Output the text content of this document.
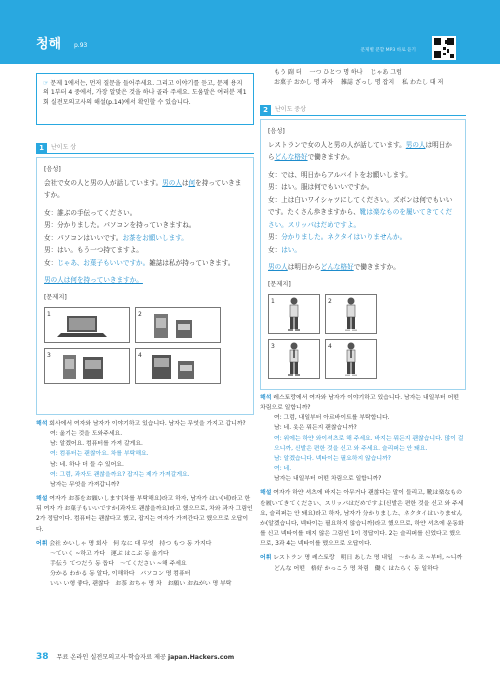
청해 p.93
문제별 분할 MP3 바로 듣기
☞ 문제 1에서는, 먼저 질문을 들어주세요. 그리고 이야기를 듣고, 문제 용지의 1부터 4 중에서, 가장 알맞은 것을 하나 골라 주세요. 도움말은 여러분 제1회 실전모의고사의 해설(p.14)에서 확인할 수 있습니다.
もう 副 더 　一つ ひとつ 명 하나 　じゃあ 그럼
お菓子 おかし 명 과자 　雑誌 ざっし 명 잡지 　私 わたし 대 저
1	난이도 상
[음성]

会社で女の人と男の人が話しています。男の人は何を持っていきますか。

女：誰ぶの手伝ってください。

男：分かりました。パソコンを持っていきますね。

女：パソコンはいいです。お茶をお願いします。

男：はい。もう一つ持てますよ。

女：じゃあ、お菓子もいいですか。雑誌は私が持っていきます。

男の人は何を持っていきますか。

[문제지]
1	2
3	4
해석 회사에서 여자와 남자가 이야기하고 있습니다. 남자는 무엇을 가지고 갑니까?
여: 옮기는 것을 도와주세요.
남: 알겠어요. 컴퓨터를 가져 갈게요.
여: 컴퓨터는 괜찮아요. 차를 부탁해요.
남: 네. 하나 더 들 수 있어요.
여: 그럼, 과자도 괜찮을까요? 잡지는 제가 가져갈게요.
남자는 무엇을 가져갑니까?
해설 여자가 お茶をお願いします(차를 부탁해요)라고 하자, 남자가 はい(네)라고 한 뒤 여자 가 お菓子もいいですか(과자도 괜찮을까요)라고 했으므로, 차와 과자 그림인 2가 정답이다. 컴퓨터는 괜찮다고 했고, 잡지는 여자가 가져간다고 했으므로 오답이다.
어휘 会社 かいしゃ 명 회사　何 なに 대 무엇　持つ もつ 동 가지다
～ていく ~하고 가다　運ぶ はこぶ 동 옮기다
手伝う てつだう 동 돕다　～てください ~해 주세요
分かる わかる 동 알다, 이해하다　パソコン 명 컴퓨터
いい い형 좋다, 괜찮다　お茶 おちゃ 명 차　お願い おねがい 명 부탁
2	난이도 중상
[음성]

レストランで女の人と男の人が話しています。男の人は明日からどんな格好で働きますか。

女：では、明日からアルバイトをお願いします。

男：はい。服は何でもいいですか。

女：上は白いワイシャツにしてください。ズボンは何でもいいです。たくさん歩きますから、靴は楽なものを履いてきてください。スリッパはだめですよ。

男：分かりました。ネクタイはいりませんか。

女：はい。

男の人は明日からどんな格好で働きますか。

[문제지]
1	2
3	4
해석 레스토랑에서 여자와 남자가 이야기하고 있습니다. 남자는 내일부터 어떤 차림으로 일합니까?
여: 그럼, 내일부터 아르바이트를 부탁합니다.
남: 네. 옷은 뭐든지 괜찮습니까?
여: 위에는 하얀 와이셔츠로 해 주세요. 바지는 뭐든지 괜찮습니다. 많이 걸으니까, 신발은 편한 것을 신고 와 주세요. 슬리퍼는 안 돼요.
남: 알겠습니다. 넥타이는 필요하지 않습니까?
여: 네.
남자는 내일부터 어떤 차림으로 일합니까?
해설 여자가 하얀 셔츠에 바지는 아무거나 괜찮다는 말이 들리고, 靴は楽なものを履いてきてください、スリッパはだめですよ(신발은 편한 것을 신고 와 주세요, 슬리퍼는 안 돼요)라고 하자, 남자가 分かりました、ネクタイはいりませんか(알겠습니다, 넥타이는 필요하지 않습니까)라고 했으므로, 하얀 셔츠에 운동화를 신고 넥타이를 매지 않은 그림인 1이 정답이다. 2는 슬리퍼를 신었다고 했으므로, 3과 4는 넥타이를 맸으므로 오답이다.
어휘 レストラン 명 레스토랑　明日 あした 명 내일　～から 조 ~부터, ~니까
どんな 어떤　格好 かっこう 명 차림　働く はたらく 동 일하다
38 무료 온라인 실전모의고사·학습자료 제공 japan.Hackers.com
